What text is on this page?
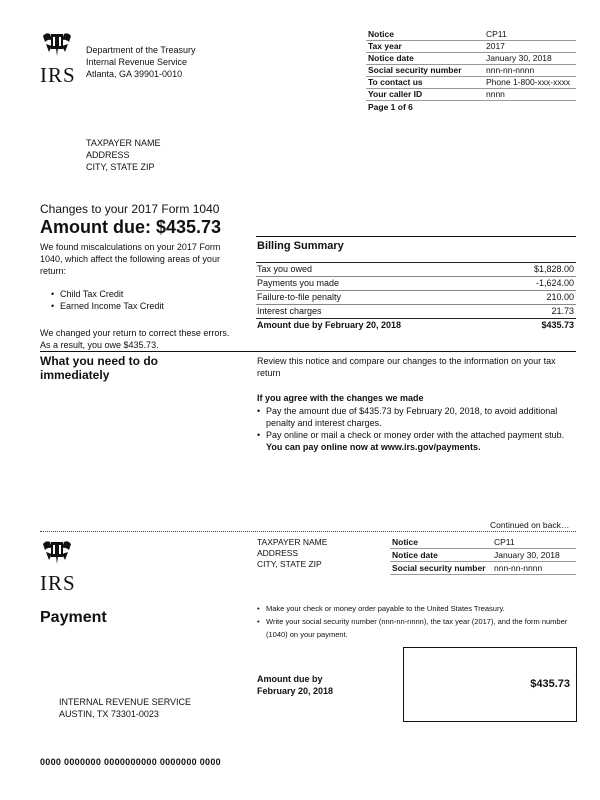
IRS
Department of the Treasury
Internal Revenue Service
Atlanta, GA 39901-0010
Notice	CP11
Tax year	2017
Notice date	January 30, 2018
Social security number	nnn-nn-nnnn
To contact us	Phone 1-800-xxx-xxxx
Your caller ID	nnnn
Page 1 of 6
TAXPAYER NAME
ADDRESS
CITY, STATE ZIP
Changes to your 2017 Form 1040
Amount due: $435.73
We found miscalculations on your 2017 Form 1040, which affect the following areas of your return:
• Child Tax Credit
• Earned Income Tax Credit
We changed your return to correct these errors. As a result, you owe $435.73.
Billing Summary
Tax you owed	$1,828.00
Payments you made	-1,624.00
Failure-to-file penalty	210.00
Interest charges	21.73
Amount due by February 20, 2018	$435.73
What you need to do immediately
Review this notice and compare our changes to the information on your tax return
If you agree with the changes we made
• Pay the amount due of $435.73 by February 20, 2018, to avoid additional penalty and interest charges.
• Pay online or mail a check or money order with the attached payment stub. You can pay online now at www.irs.gov/payments.
Continued on back…
IRS
TAXPAYER NAME
ADDRESS
CITY, STATE ZIP
Notice	CP11
Notice date	January 30, 2018
Social security number nnn-nn-nnnn
Payment
• Make your check or money order payable to the United States Treasury.
• Write your social security number (nnn-nn-nnnn), the tax year (2017), and the form number (1040) on your payment.
Amount due by
February 20, 2018
$435.73
INTERNAL REVENUE SERVICE
AUSTIN, TX 73301-0023
0000 0000000 0000000000 0000000 0000
